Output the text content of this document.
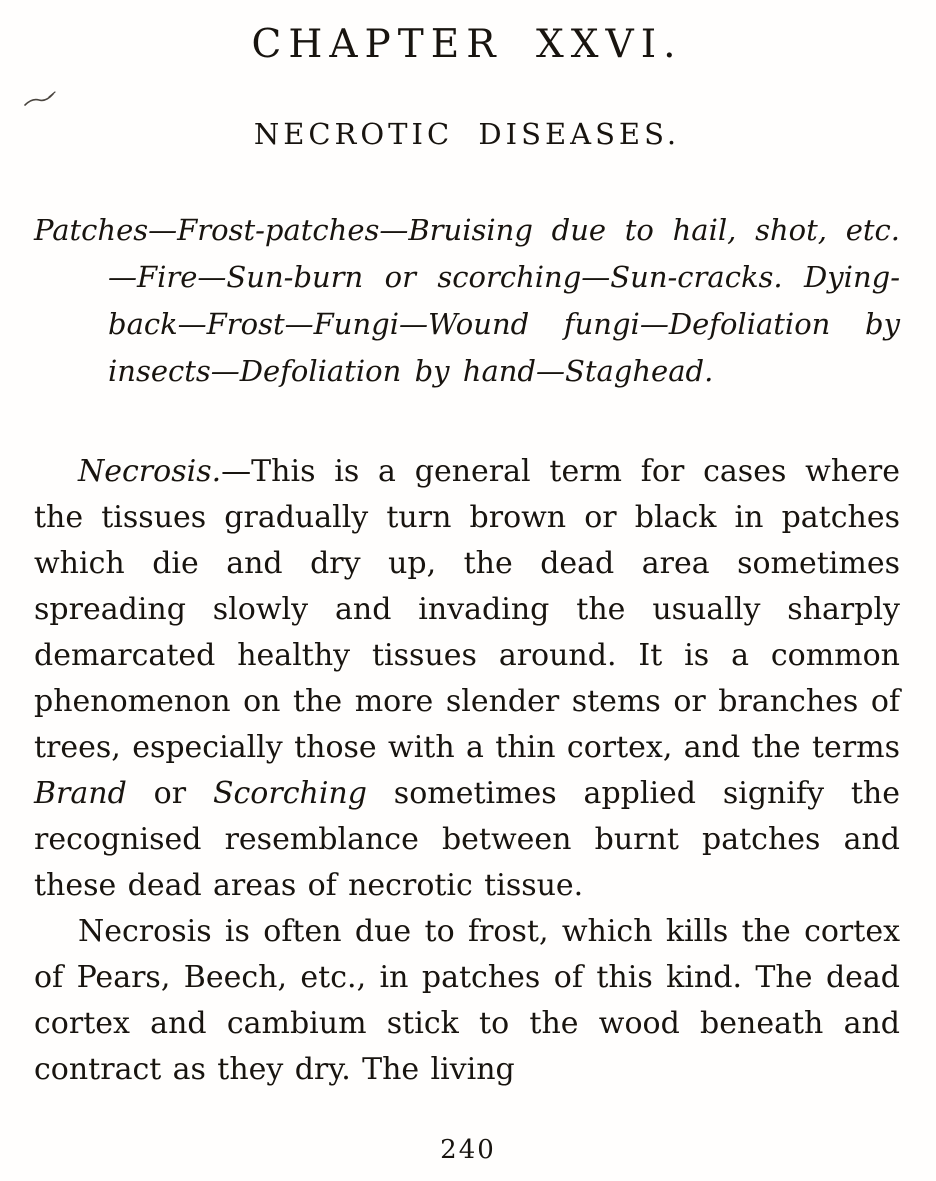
CHAPTER XXVI.
NECROTIC DISEASES.

Patches—Frost-patches—Bruising due to hail, shot, etc.—Fire—Sun-burn or scorching—Sun-cracks. Dying-back—Frost—Fungi—Wound fungi—Defoliation by insects—Defoliation by hand—Staghead.

Necrosis.—This is a general term for cases where the tissues gradually turn brown or black in patches which die and dry up, the dead area sometimes spreading slowly and invading the usually sharply demarcated healthy tissues around. It is a common phenomenon on the more slender stems or branches of trees, especially those with a thin cortex, and the terms Brand or Scorching sometimes applied signify the recognised resemblance between burnt patches and these dead areas of necrotic tissue.

Necrosis is often due to frost, which kills the cortex of Pears, Beech, etc., in patches of this kind. The dead cortex and cambium stick to the wood beneath and contract as they dry. The living

240
